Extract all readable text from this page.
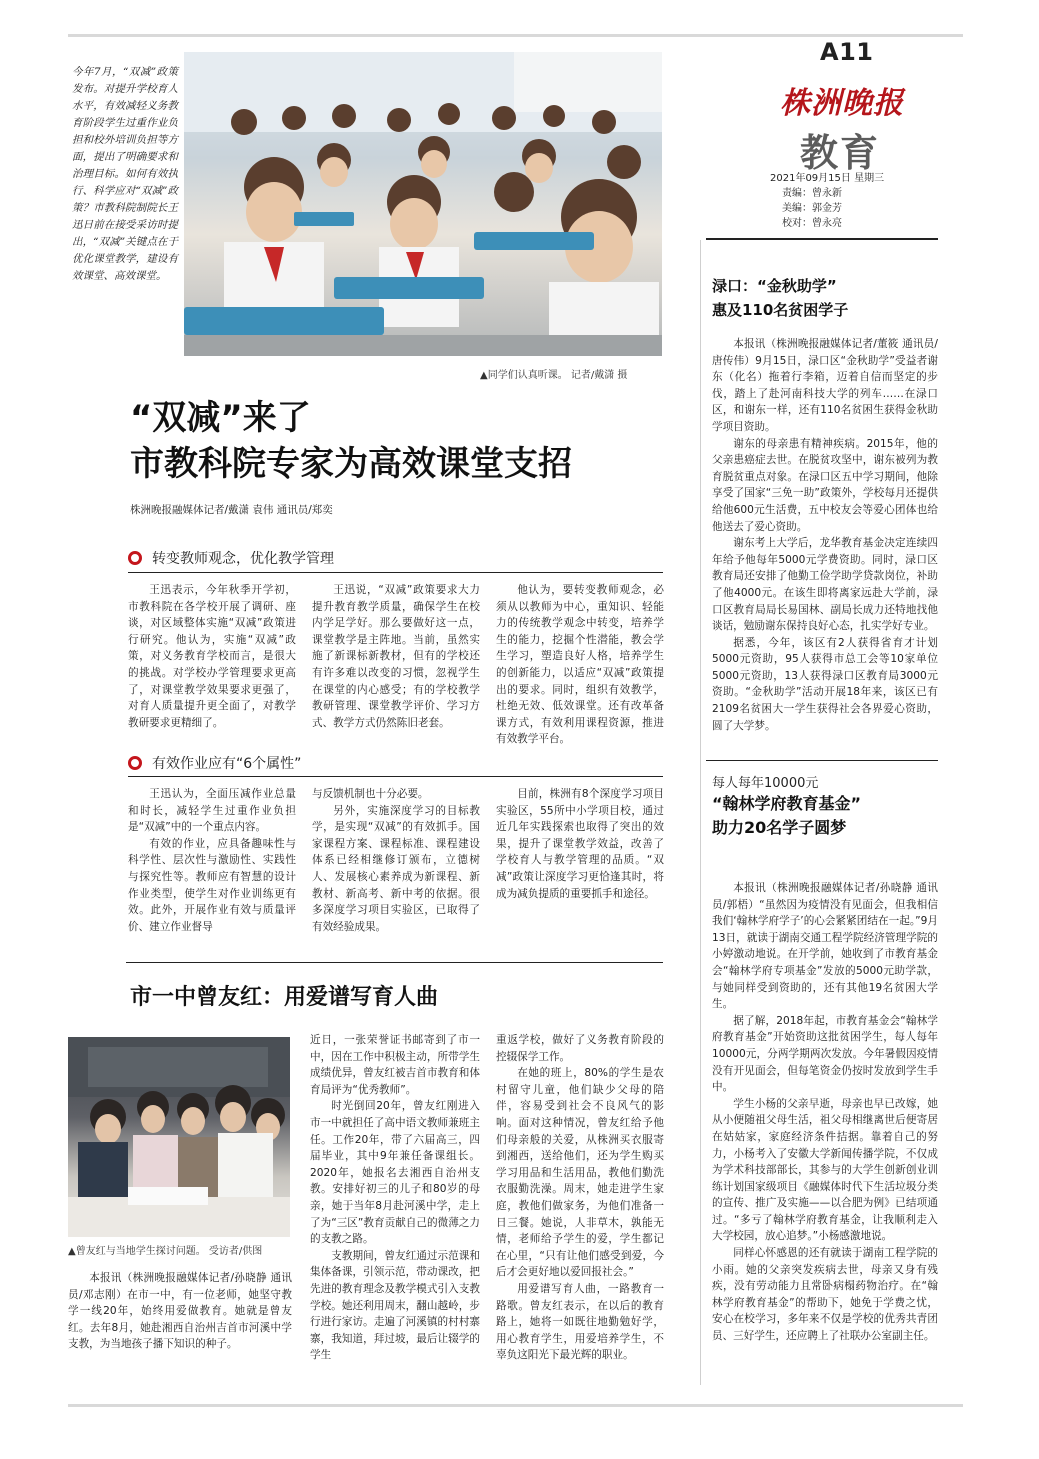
A11
株洲晚报
教育
2021年09月15日 星期三
责编：曾永新
美编：郭金芳
校对：曾永亮
今年7月，“双减”政策发布。对提升学校育人水平，有效减轻义务教育阶段学生过重作业负担和校外培训负担等方面，提出了明确要求和治理目标。如何有效执行、科学应对“双减”政策？市教科院制院长王迅日前在接受采访时提出，“双减”关键点在于优化课堂教学，建设有效课堂、高效课堂。
▲同学们认真听课。 记者/戴潇 摄
“双减”来了
市教科院专家为高效课堂支招
株洲晚报融媒体记者/戴潇 袁伟 通讯员/郑奕
转变教师观念，优化教学管理

王迅表示，今年秋季开学初，市教科院在各学校开展了调研、座谈，对区域整体实施“双减”政策进行研究。他认为，实施“双减”政策，对义务教育学校而言，是很大的挑战。对学校办学管理要求更高了，对课堂教学效果要求更强了，对育人质量提升更全面了，对教学教研要求更精细了。

王迅说，“双减”政策要求大力提升教育教学质量，确保学生在校内学足学好。那么要做好这一点，课堂教学是主阵地。当前，虽然实施了新课标新教材，但有的学校还有许多难以改变的习惯，忽视学生在课堂的内心感受；有的学校教学教研管理、课堂教学评价、学习方式、教学方式仍然陈旧老套。

他认为，要转变教师观念，必须从以教师为中心，重知识、轻能力的传统教学观念中转变，培养学生的能力，挖掘个性潜能，教会学生学习，塑造良好人格，培养学生的创新能力，以适应“双减”政策提出的要求。同时，组织有效教学，杜绝无效、低效课堂。还有改革备课方式，有效利用课程资源，推进有效教学平台。

有效作业应有“6个属性”

王迅认为，全面压减作业总量和时长，减轻学生过重作业负担是“双减”中的一个重点内容。

有效的作业，应具备趣味性与科学性、层次性与激励性、实践性与探究性等。教师应有智慧的设计作业类型，使学生对作业训练更有效。此外，开展作业有效与质量评价、建立作业督导

与反馈机制也十分必要。

另外，实施深度学习的目标教学，是实现“双减”的有效抓手。国家课程方案、课程标准、课程建设体系已经相继修订颁布，立德树人、发展核心素养成为新课程、新教材、新高考、新中考的依据。很多深度学习项目实验区，已取得了有效经验成果。

目前，株洲有8个深度学习项目实验区，55所中小学项目校，通过近几年实践探索也取得了突出的效果，提升了课堂教学效益，改善了学校育人与教学管理的品质。“双减”政策让深度学习更恰逢其时，将成为减负提质的重要抓手和途径。

市一中曾友红：用爱谱写育人曲
▲曾友红与当地学生探讨问题。 受访者/供图

本报讯（株洲晚报融媒体记者/孙晓静 通讯员/邓志刚）在市一中，有一位老师，她坚守教学一线20年，始终用爱做教育。她就是曾友红。去年8月，她赴湘西自治州吉首市河溪中学支教，为当地孩子播下知识的种子。

近日，一张荣誉证书邮寄到了市一中，因在工作中积极主动，所带学生成绩优异，曾友红被吉首市教育和体育局评为“优秀教师”。

时光倒回20年，曾友红刚进入市一中就担任了高中语文教师兼班主任。工作20年，带了六届高三，四届毕业，其中9年兼任备课组长。2020年，她报名去湘西自治州支教。安排好初三的儿子和80岁的母亲，她于当年8月赴河溪中学，走上了为“三区”教育贡献自己的微薄之力的支教之路。

支教期间，曾友红通过示范课和集体备课，引领示范，带动课改，把先进的教育理念及教学模式引入支教学校。她还利用周末，翻山越岭，步行进行家访。走遍了河溪镇的村村寨寨，我知道，拜过坡，最后让辍学的学生

重返学校，做好了义务教育阶段的控辍保学工作。

在她的班上，80%的学生是农村留守儿童，他们缺少父母的陪伴，容易受到社会不良风气的影响。面对这种情况，曾友红给予他们母亲般的关爱，从株洲买衣服寄到湘西，送给他们，还为学生购买学习用品和生活用品，教他们勤洗衣服勤洗澡。周末，她走进学生家庭，教他们做家务，为他们准备一日三餐。她说，人非草木，孰能无情，老师给予学生的爱，学生都记在心里，“只有让他们感受到爱，今后才会更好地以爱回报社会。”

用爱谱写育人曲，一路教育一路歌。曾友红表示，在以后的教育路上，她将一如既往地勤勉好学，用心教育学生，用爱培养学生，不辜负这阳光下最光辉的职业。

渌口：“金秋助学”
惠及110名贫困学子

本报讯（株洲晚报融媒体记者/董筱 通讯员/唐传伟）9月15日，渌口区“金秋助学”受益者谢东（化名）拖着行李箱，迈着自信而坚定的步伐，踏上了赴河南科技大学的列车……在渌口区，和谢东一样，还有110名贫困生获得金秋助学项目资助。

谢东的母亲患有精神疾病。2015年，他的父亲患癌症去世。在脱贫攻坚中，谢东被列为教育脱贫重点对象。在渌口区五中学习期间，他除享受了国家“三免一助”政策外，学校每月还提供给他600元生活费，五中校友会等爱心团体也给他送去了爱心资助。

谢东考上大学后，龙华教育基金决定连续四年给予他每年5000元学费资助。同时，渌口区教育局还安排了他勤工俭学助学贷款岗位，补助了他4000元。在该生即将离家远赴大学前，渌口区教育局局长易国林、副局长成力还特地找他谈话，勉励谢东保持良好心态，扎实学好专业。

据悉，今年，该区有2人获得省育才计划5000元资助，95人获得市总工会等10家单位5000元资助，13人获得渌口区教育局3000元资助。“金秋助学”活动开展18年来，该区已有2109名贫困大一学生获得社会各界爱心资助，圆了大学梦。

每人每年10000元
“翰林学府教育基金”
助力20名学子圆梦

本报讯（株洲晚报融媒体记者/孙晓静 通讯员/郭梧）“虽然因为疫情没有见面会，但我相信我们‘翰林学府学子’的心会紧紧团结在一起。”9月13日，就读于湖南交通工程学院经济管理学院的小婷激动地说。在开学前，她收到了市教育基金会“翰林学府专项基金”发放的5000元助学款，与她同样受到资助的，还有其他19名贫困大学生。

据了解，2018年起，市教育基金会“翰林学府教育基金”开始资助这批贫困学生，每人每年10000元，分两学期两次发放。今年暑假因疫情没有开见面会，但每笔资金仍按时发放到学生手中。

学生小杨的父亲早逝，母亲也早已改嫁，她从小便随祖父母生活，祖父母相继离世后便寄居在姑姑家，家庭经济条件拮据。靠着自己的努力，小杨考入了安徽大学新闻传播学院，不仅成为学术科技部部长，其参与的大学生创新创业训练计划国家级项目《融媒体时代下生活垃圾分类的宣传、推广及实施——以合肥为例》已结项通过。“多亏了翰林学府教育基金，让我顺利走入大学校园，放心追梦。”小杨感激地说。

同样心怀感恩的还有就读于湖南工程学院的小雨。她的父亲突发疾病去世，母亲又身有残疾，没有劳动能力且常卧病榻药物治疗。在“翰林学府教育基金”的帮助下，她免于学费之忧，安心在校学习，多年来不仅是学校的优秀共青团员、三好学生，还应聘上了社联办公室副主任。
